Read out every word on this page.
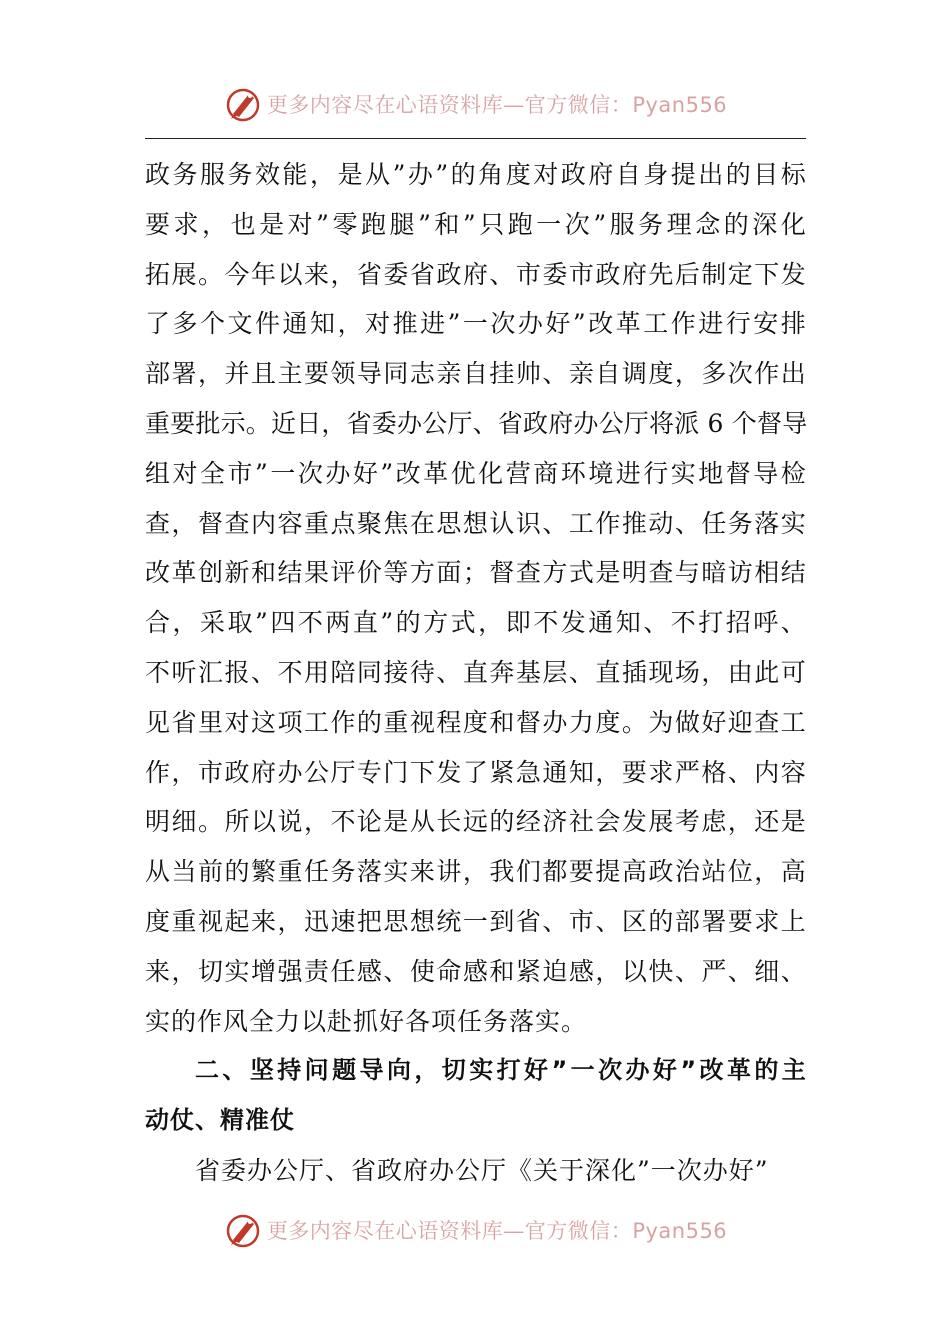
更多内容尽在心语资料库—官方微信：Pyan556
政务服务效能，是从”办”的角度对政府自身提出的目标
要求，也是对”零跑腿”和”只跑一次”服务理念的深化
拓展。今年以来，省委省政府、市委市政府先后制定下发
了多个文件通知，对推进”一次办好”改革工作进行安排
部署，并且主要领导同志亲自挂帅、亲自调度，多次作出
重要批示。近日，省委办公厅、省政府办公厅将派 6 个督导
组对全市”一次办好”改革优化营商环境进行实地督导检
查，督查内容重点聚焦在思想认识、工作推动、任务落实
改革创新和结果评价等方面；督查方式是明查与暗访相结
合，采取”四不两直”的方式，即不发通知、不打招呼、
不听汇报、不用陪同接待、直奔基层、直插现场，由此可
见省里对这项工作的重视程度和督办力度。为做好迎查工
作，市政府办公厅专门下发了紧急通知，要求严格、内容
明细。所以说，不论是从长远的经济社会发展考虑，还是
从当前的繁重任务落实来讲，我们都要提高政治站位，高
度重视起来，迅速把思想统一到省、市、区的部署要求上
来，切实增强责任感、使命感和紧迫感，以快、严、细、
实的作风全力以赴抓好各项任务落实。
二、坚持问题导向，切实打好”一次办好”改革的主
动仗、精准仗
省委办公厅、省政府办公厅《关于深化”一次办好”
更多内容尽在心语资料库—官方微信：Pyan556
